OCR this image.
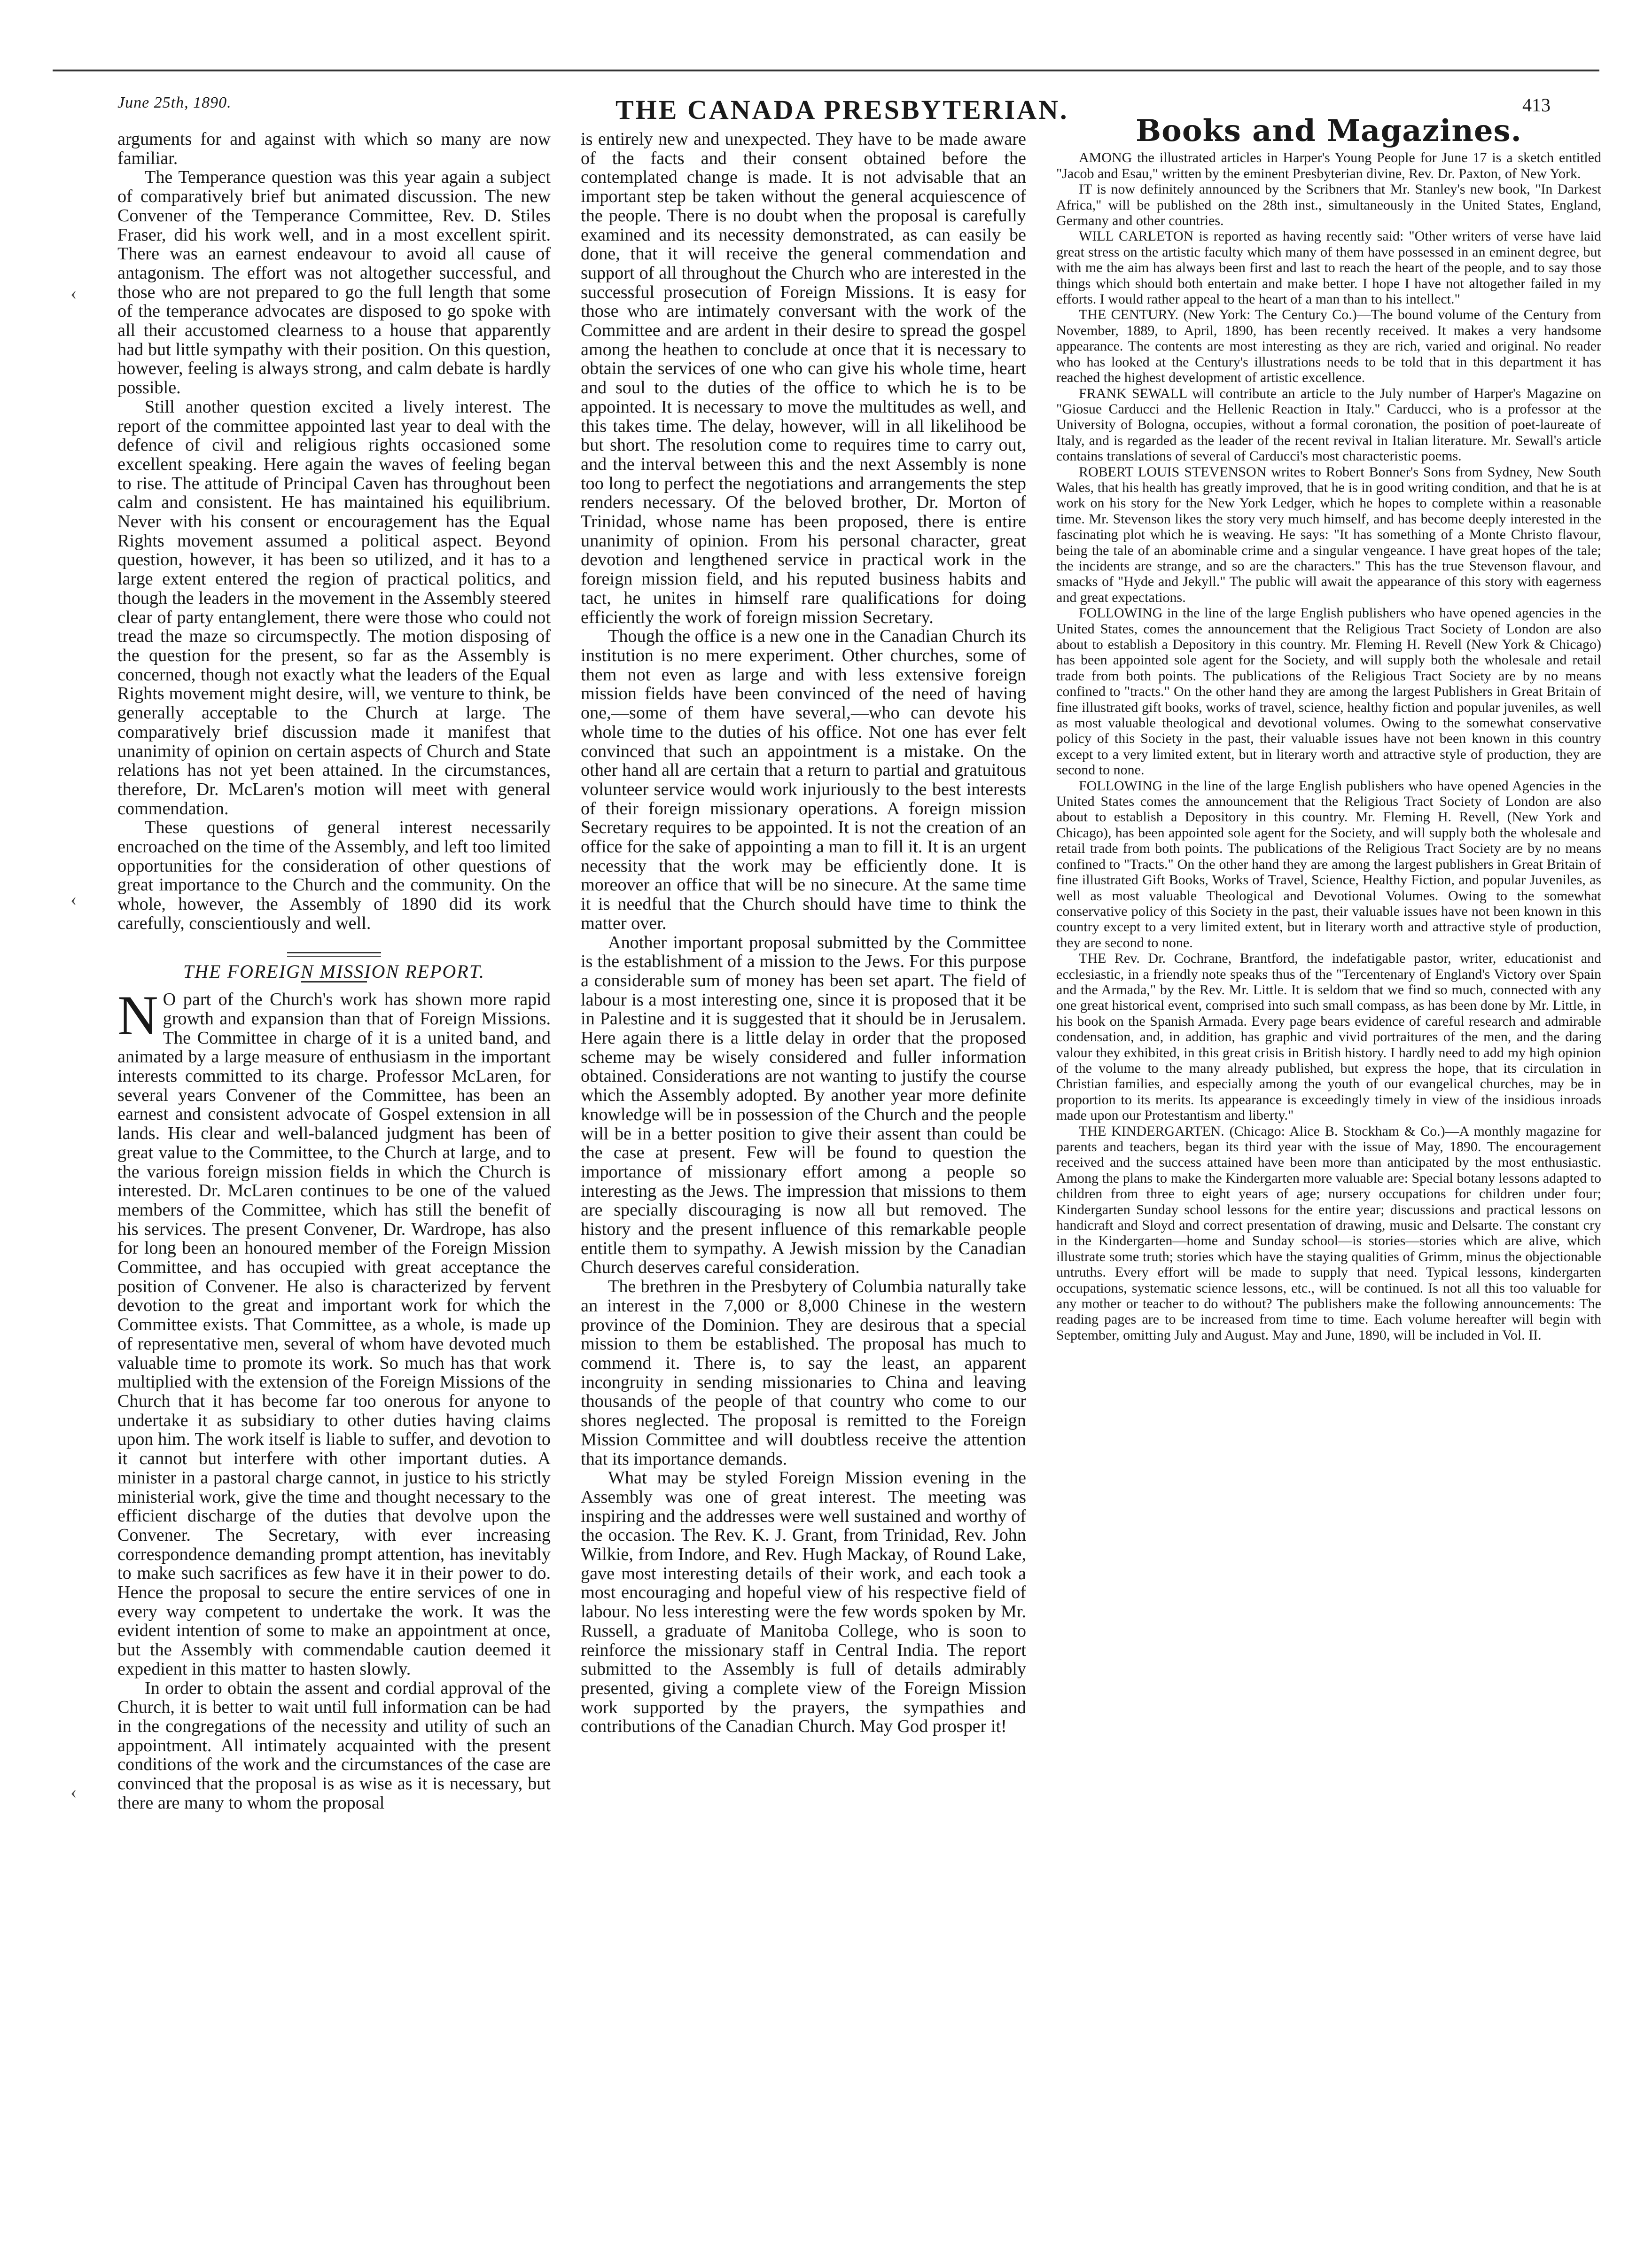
June 25th, 1890.	THE CANADA PRESBYTERIAN.	413
‹
‹
‹

arguments for and against with which so many are now familiar.

The Temperance question was this year again a subject of comparatively brief but animated discussion. The new Convener of the Temperance Committee, Rev. D. Stiles Fraser, did his work well, and in a most excellent spirit. There was an earnest endeavour to avoid all cause of antagonism. The effort was not altogether successful, and those who are not prepared to go the full length that some of the temperance advocates are disposed to go spoke with all their accustomed clearness to a house that apparently had but little sympathy with their position. On this question, however, feeling is always strong, and calm debate is hardly possible.

Still another question excited a lively interest. The report of the committee appointed last year to deal with the defence of civil and religious rights occasioned some excellent speaking. Here again the waves of feeling began to rise. The attitude of Principal Caven has throughout been calm and consistent. He has maintained his equilibrium. Never with his consent or encouragement has the Equal Rights movement assumed a political aspect. Beyond question, however, it has been so utilized, and it has to a large extent entered the region of practical politics, and though the leaders in the movement in the Assembly steered clear of party entanglement, there were those who could not tread the maze so circumspectly. The motion disposing of the question for the present, so far as the Assembly is concerned, though not exactly what the leaders of the Equal Rights movement might desire, will, we venture to think, be generally acceptable to the Church at large. The comparatively brief discussion made it manifest that unanimity of opinion on certain aspects of Church and State relations has not yet been attained. In the circumstances, therefore, Dr. McLaren's motion will meet with general commendation.

These questions of general interest necessarily encroached on the time of the Assembly, and left too limited opportunities for the consideration of other questions of great importance to the Church and the community. On the whole, however, the Assembly of 1890 did its work carefully, conscientiously and well.

THE FOREIGN MISSION REPORT.

N O part of the Church's work has shown more rapid growth and expansion than that of Foreign Missions. The Committee in charge of it is a united band, and animated by a large measure of enthusiasm in the important interests committed to its charge. Professor McLaren, for several years Convener of the Committee, has been an earnest and consistent advocate of Gospel extension in all lands. His clear and well-balanced judgment has been of great value to the Committee, to the Church at large, and to the various foreign mission fields in which the Church is interested. Dr. McLaren continues to be one of the valued members of the Committee, which has still the benefit of his services. The present Convener, Dr. Wardrope, has also for long been an honoured member of the Foreign Mission Committee, and has occupied with great acceptance the position of Convener. He also is characterized by fervent devotion to the great and important work for which the Committee exists. That Committee, as a whole, is made up of representative men, several of whom have devoted much valuable time to promote its work. So much has that work multiplied with the extension of the Foreign Missions of the Church that it has become far too onerous for anyone to undertake it as subsidiary to other duties having claims upon him. The work itself is liable to suffer, and devotion to it cannot but interfere with other important duties. A minister in a pastoral charge cannot, in justice to his strictly ministerial work, give the time and thought necessary to the efficient discharge of the duties that devolve upon the Convener. The Secretary, with ever increasing correspondence demanding prompt attention, has inevitably to make such sacrifices as few have it in their power to do. Hence the proposal to secure the entire services of one in every way competent to undertake the work. It was the evident intention of some to make an appointment at once, but the Assembly with commendable caution deemed it expedient in this matter to hasten slowly.

In order to obtain the assent and cordial approval of the Church, it is better to wait until full information can be had in the congregations of the necessity and utility of such an appointment. All intimately acquainted with the present conditions of the work and the circumstances of the case are convinced that the proposal is as wise as it is necessary, but there are many to whom the proposal

is entirely new and unexpected. They have to be made aware of the facts and their consent obtained before the contemplated change is made. It is not advisable that an important step be taken without the general acquiescence of the people. There is no doubt when the proposal is carefully examined and its necessity demonstrated, as can easily be done, that it will receive the general commendation and support of all throughout the Church who are interested in the successful prosecution of Foreign Missions. It is easy for those who are intimately conversant with the work of the Committee and are ardent in their desire to spread the gospel among the heathen to conclude at once that it is necessary to obtain the services of one who can give his whole time, heart and soul to the duties of the office to which he is to be appointed. It is necessary to move the multitudes as well, and this takes time. The delay, however, will in all likelihood be but short. The resolution come to requires time to carry out, and the interval between this and the next Assembly is none too long to perfect the negotiations and arrangements the step renders necessary. Of the beloved brother, Dr. Morton of Trinidad, whose name has been proposed, there is entire unanimity of opinion. From his personal character, great devotion and lengthened service in practical work in the foreign mission field, and his reputed business habits and tact, he unites in himself rare qualifications for doing efficiently the work of foreign mission Secretary.

Though the office is a new one in the Canadian Church its institution is no mere experiment. Other churches, some of them not even as large and with less extensive foreign mission fields have been convinced of the need of having one,—some of them have several,—who can devote his whole time to the duties of his office. Not one has ever felt convinced that such an appointment is a mistake. On the other hand all are certain that a return to partial and gratuitous volunteer service would work injuriously to the best interests of their foreign missionary operations. A foreign mission Secretary requires to be appointed. It is not the creation of an office for the sake of appointing a man to fill it. It is an urgent necessity that the work may be efficiently done. It is moreover an office that will be no sinecure. At the same time it is needful that the Church should have time to think the matter over.

Another important proposal submitted by the Committee is the establishment of a mission to the Jews. For this purpose a considerable sum of money has been set apart. The field of labour is a most interesting one, since it is proposed that it be in Palestine and it is suggested that it should be in Jerusalem. Here again there is a little delay in order that the proposed scheme may be wisely considered and fuller information obtained. Considerations are not wanting to justify the course which the Assembly adopted. By another year more definite knowledge will be in possession of the Church and the people will be in a better position to give their assent than could be the case at present. Few will be found to question the importance of missionary effort among a people so interesting as the Jews. The impression that missions to them are specially discouraging is now all but removed. The history and the present influence of this remarkable people entitle them to sympathy. A Jewish mission by the Canadian Church deserves careful consideration.

The brethren in the Presbytery of Columbia naturally take an interest in the 7,000 or 8,000 Chinese in the western province of the Dominion. They are desirous that a special mission to them be established. The proposal has much to commend it. There is, to say the least, an apparent incongruity in sending missionaries to China and leaving thousands of the people of that country who come to our shores neglected. The proposal is remitted to the Foreign Mission Committee and will doubtless receive the attention that its importance demands.

What may be styled Foreign Mission evening in the Assembly was one of great interest. The meeting was inspiring and the addresses were well sustained and worthy of the occasion. The Rev. K. J. Grant, from Trinidad, Rev. John Wilkie, from Indore, and Rev. Hugh Mackay, of Round Lake, gave most interesting details of their work, and each took a most encouraging and hopeful view of his respective field of labour. No less interesting were the few words spoken by Mr. Russell, a graduate of Manitoba College, who is soon to reinforce the missionary staff in Central India. The report submitted to the Assembly is full of details admirably presented, giving a complete view of the Foreign Mission work supported by the prayers, the sympathies and contributions of the Canadian Church. May God prosper it!

Books and Magazines.

AMONG the illustrated articles in Harper's Young People for June 17 is a sketch entitled "Jacob and Esau," written by the eminent Presbyterian divine, Rev. Dr. Paxton, of New York.

IT is now definitely announced by the Scribners that Mr. Stanley's new book, "In Darkest Africa," will be published on the 28th inst., simultaneously in the United States, England, Germany and other countries.

WILL CARLETON is reported as having recently said: "Other writers of verse have laid great stress on the artistic faculty which many of them have possessed in an eminent degree, but with me the aim has always been first and last to reach the heart of the people, and to say those things which should both entertain and make better. I hope I have not altogether failed in my efforts. I would rather appeal to the heart of a man than to his intellect."

THE CENTURY. (New York: The Century Co.)—The bound volume of the Century from November, 1889, to April, 1890, has been recently received. It makes a very handsome appearance. The contents are most interesting as they are rich, varied and original. No reader who has looked at the Century's illustrations needs to be told that in this department it has reached the highest development of artistic excellence.

FRANK SEWALL will contribute an article to the July number of Harper's Magazine on "Giosue Carducci and the Hellenic Reaction in Italy." Carducci, who is a professor at the University of Bologna, occupies, without a formal coronation, the position of poet-laureate of Italy, and is regarded as the leader of the recent revival in Italian literature. Mr. Sewall's article contains translations of several of Carducci's most characteristic poems.

ROBERT LOUIS STEVENSON writes to Robert Bonner's Sons from Sydney, New South Wales, that his health has greatly improved, that he is in good writing condition, and that he is at work on his story for the New York Ledger, which he hopes to complete within a reasonable time. Mr. Stevenson likes the story very much himself, and has become deeply interested in the fascinating plot which he is weaving. He says: "It has something of a Monte Christo flavour, being the tale of an abominable crime and a singular vengeance. I have great hopes of the tale; the incidents are strange, and so are the characters." This has the true Stevenson flavour, and smacks of "Hyde and Jekyll." The public will await the appearance of this story with eagerness and great expectations.

FOLLOWING in the line of the large English publishers who have opened agencies in the United States, comes the announcement that the Religious Tract Society of London are also about to establish a Depository in this country. Mr. Fleming H. Revell (New York & Chicago) has been appointed sole agent for the Society, and will supply both the wholesale and retail trade from both points. The publications of the Religious Tract Society are by no means confined to "tracts." On the other hand they are among the largest Publishers in Great Britain of fine illustrated gift books, works of travel, science, healthy fiction and popular juveniles, as well as most valuable theological and devotional volumes. Owing to the somewhat conservative policy of this Society in the past, their valuable issues have not been known in this country except to a very limited extent, but in literary worth and attractive style of production, they are second to none.

FOLLOWING in the line of the large English publishers who have opened Agencies in the United States comes the announcement that the Religious Tract Society of London are also about to establish a Depository in this country. Mr. Fleming H. Revell, (New York and Chicago), has been appointed sole agent for the Society, and will supply both the wholesale and retail trade from both points. The publications of the Religious Tract Society are by no means confined to "Tracts." On the other hand they are among the largest publishers in Great Britain of fine illustrated Gift Books, Works of Travel, Science, Healthy Fiction, and popular Juveniles, as well as most valuable Theological and Devotional Volumes. Owing to the somewhat conservative policy of this Society in the past, their valuable issues have not been known in this country except to a very limited extent, but in literary worth and attractive style of production, they are second to none.

THE Rev. Dr. Cochrane, Brantford, the indefatigable pastor, writer, educationist and ecclesiastic, in a friendly note speaks thus of the "Tercentenary of England's Victory over Spain and the Armada," by the Rev. Mr. Little. It is seldom that we find so much, connected with any one great historical event, comprised into such small compass, as has been done by Mr. Little, in his book on the Spanish Armada. Every page bears evidence of careful research and admirable condensation, and, in addition, has graphic and vivid portraitures of the men, and the daring valour they exhibited, in this great crisis in British history. I hardly need to add my high opinion of the volume to the many already published, but express the hope, that its circulation in Christian families, and especially among the youth of our evangelical churches, may be in proportion to its merits. Its appearance is exceedingly timely in view of the insidious inroads made upon our Protestantism and liberty."

THE KINDERGARTEN. (Chicago: Alice B. Stockham & Co.)—A monthly magazine for parents and teachers, began its third year with the issue of May, 1890. The encouragement received and the success attained have been more than anticipated by the most enthusiastic. Among the plans to make the Kindergarten more valuable are: Special botany lessons adapted to children from three to eight years of age; nursery occupations for children under four; Kindergarten Sunday school lessons for the entire year; discussions and practical lessons on handicraft and Sloyd and correct presentation of drawing, music and Delsarte. The constant cry in the Kindergarten—home and Sunday school—is stories—stories which are alive, which illustrate some truth; stories which have the staying qualities of Grimm, minus the objectionable untruths. Every effort will be made to supply that need. Typical lessons, kindergarten occupations, systematic science lessons, etc., will be continued. Is not all this too valuable for any mother or teacher to do without? The publishers make the following announcements: The reading pages are to be increased from time to time. Each volume hereafter will begin with September, omitting July and August. May and June, 1890, will be included in Vol. II.
